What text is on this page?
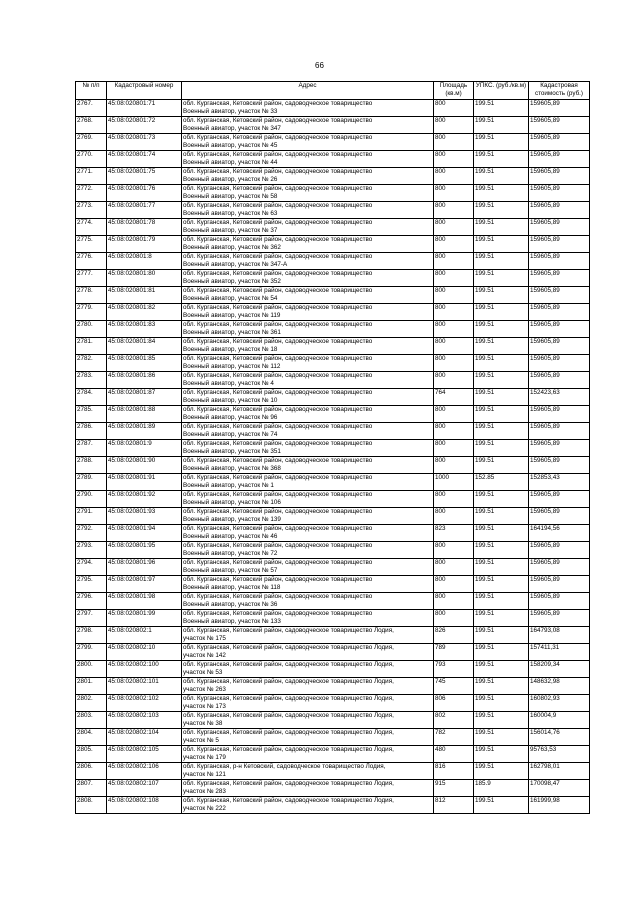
66
№ п/п	Кадастровый номер	Адрес	Площадь (кв.м)	УПКС. (руб./кв.м)	Кадастровая стоимость (руб.)
2767.	45:08:020801:71	обл. Курганская, Кетовский район, садоводческое товарищество
Военный авиатор, участок № 33	800	199.51	159605,89
2768.	45:08:020801:72	обл. Курганская, Кетовский район, садоводческое товарищество
Военный авиатор, участок № 347	800	199.51	159605,89
2769.	45:08:020801:73	обл. Курганская, Кетовский район, садоводческое товарищество
Военный авиатор, участок № 45	800	199.51	159605,89
2770.	45:08:020801:74	обл. Курганская, Кетовский район, садоводческое товарищество
Военный авиатор, участок № 44	800	199.51	159605,89
2771.	45:08:020801:75	обл. Курганская, Кетовский район, садоводческое товарищество
Военный авиатор, участок № 26	800	199.51	159605,89
2772.	45:08:020801:76	обл. Курганская, Кетовский район, садоводческое товарищество
Военный авиатор, участок № 58	800	199.51	159605,89
2773.	45:08:020801:77	обл. Курганская, Кетовский район, садоводческое товарищество
Военный авиатор, участок № 63	800	199.51	159605,89
2774.	45:08:020801:78	обл. Курганская, Кетовский район, садоводческое товарищество
Военный авиатор, участок № 37	800	199.51	159605,89
2775.	45:08:020801:79	обл. Курганская, Кетовский район, садоводческое товарищество
Военный авиатор, участок № 362	800	199.51	159605,89
2776.	45:08:020801:8	обл. Курганская, Кетовский район, садоводческое товарищество
Военный авиатор, участок № 347-А	800	199.51	159605,89
2777.	45:08:020801:80	обл. Курганская, Кетовский район, садоводческое товарищество
Военный авиатор, участок № 352	800	199.51	159605,89
2778.	45:08:020801:81	обл. Курганская, Кетовский район, садоводческое товарищество
Военный авиатор, участок № 54	800	199.51	159605,89
2779.	45:08:020801:82	обл. Курганская, Кетовский район, садоводческое товарищество
Военный авиатор, участок № 119	800	199.51	159605,89
2780.	45:08:020801:83	обл. Курганская, Кетовский район, садоводческое товарищество
Военный авиатор, участок № 361	800	199.51	159605,89
2781.	45:08:020801:84	обл. Курганская, Кетовский район, садоводческое товарищество
Военный авиатор, участок № 18	800	199.51	159605,89
2782.	45:08:020801:85	обл. Курганская, Кетовский район, садоводческое товарищество
Военный авиатор, участок № 112	800	199.51	159605,89
2783.	45:08:020801:86	обл. Курганская, Кетовский район, садоводческое товарищество
Военный авиатор, участок № 4	800	199.51	159605,89
2784.	45:08:020801:87	обл. Курганская, Кетовский район, садоводческое товарищество
Военный авиатор, участок № 10	764	199.51	152423,63
2785.	45:08:020801:88	обл. Курганская, Кетовский район, садоводческое товарищество
Военный авиатор, участок № 96	800	199.51	159605,89
2786.	45:08:020801:89	обл. Курганская, Кетовский район, садоводческое товарищество
Военный авиатор, участок № 74	800	199.51	159605,89
2787.	45:08:020801:9	обл. Курганская, Кетовский район, садоводческое товарищество
Военный авиатор, участок № 351	800	199.51	159605,89
2788.	45:08:020801:90	обл. Курганская, Кетовский район, садоводческое товарищество
Военный авиатор, участок № 368	800	199.51	159605,89
2789.	45:08:020801:91	обл. Курганская, Кетовский район, садоводческое товарищество
Военный авиатор, участок № 1	1000	152.85	152853,43
2790.	45:08:020801:92	обл. Курганская, Кетовский район, садоводческое товарищество
Военный авиатор, участок № 106	800	199.51	159605,89
2791.	45:08:020801:93	обл. Курганская, Кетовский район, садоводческое товарищество
Военный авиатор, участок № 139	800	199.51	159605,89
2792.	45:08:020801:94	обл. Курганская, Кетовский район, садоводческое товарищество
Военный авиатор, участок № 46	823	199.51	164194,56
2793.	45:08:020801:95	обл. Курганская, Кетовский район, садоводческое товарищество
Военный авиатор, участок № 72	800	199.51	159605,89
2794.	45:08:020801:96	обл. Курганская, Кетовский район, садоводческое товарищество
Военный авиатор, участок № 57	800	199.51	159605,89
2795.	45:08:020801:97	обл. Курганская, Кетовский район, садоводческое товарищество
Военный авиатор, участок № 118	800	199.51	159605,89
2796.	45:08:020801:98	обл. Курганская, Кетовский район, садоводческое товарищество
Военный авиатор, участок № 36	800	199.51	159605,89
2797.	45:08:020801:99	обл. Курганская, Кетовский район, садоводческое товарищество
Военный авиатор, участок № 133	800	199.51	159605,89
2798.	45:08:020802:1	обл. Курганская, Кетовский район, садоводческое товарищество Лодия,
участок № 175	826	199.51	164793,08
2799.	45:08:020802:10	обл. Курганская, Кетовский район, садоводческое товарищество Лодия,
участок № 142	789	199.51	157411,31
2800.	45:08:020802:100	обл. Курганская, Кетовский район, садоводческое товарищество Лодия,
участок № 53	793	199.51	158209,34
2801.	45:08:020802:101	обл. Курганская, Кетовский район, садоводческое товарищество Лодия,
участок № 263	745	199.51	148632,98
2802.	45:08:020802:102	обл. Курганская, Кетовский район, садоводческое товарищество Лодия,
участок № 173	806	199.51	160802,93
2803.	45:08:020802:103	обл. Курганская, Кетовский район, садоводческое товарищество Лодия,
участок № 38	802	199.51	160004,9
2804.	45:08:020802:104	обл. Курганская, Кетовский район, садоводческое товарищество Лодия,
участок № 5	782	199.51	156014,76
2805.	45:08:020802:105	обл. Курганская, Кетовский район, садоводческое товарищество Лодия,
участок № 179	480	199.51	95763,53
2806.	45:08:020802:106	обл. Курганская, р-н Кетовский, садоводческое товарищество Лодия,
участок № 121	816	199.51	162798,01
2807.	45:08:020802:107	обл. Курганская, Кетовский район, садоводческое товарищество Лодия,
участок № 283	915	185.9	170098,47
2808.	45:08:020802:108	обл. Курганская, Кетовский район, садоводческое товарищество Лодия,
участок № 222	812	199.51	161999,98
